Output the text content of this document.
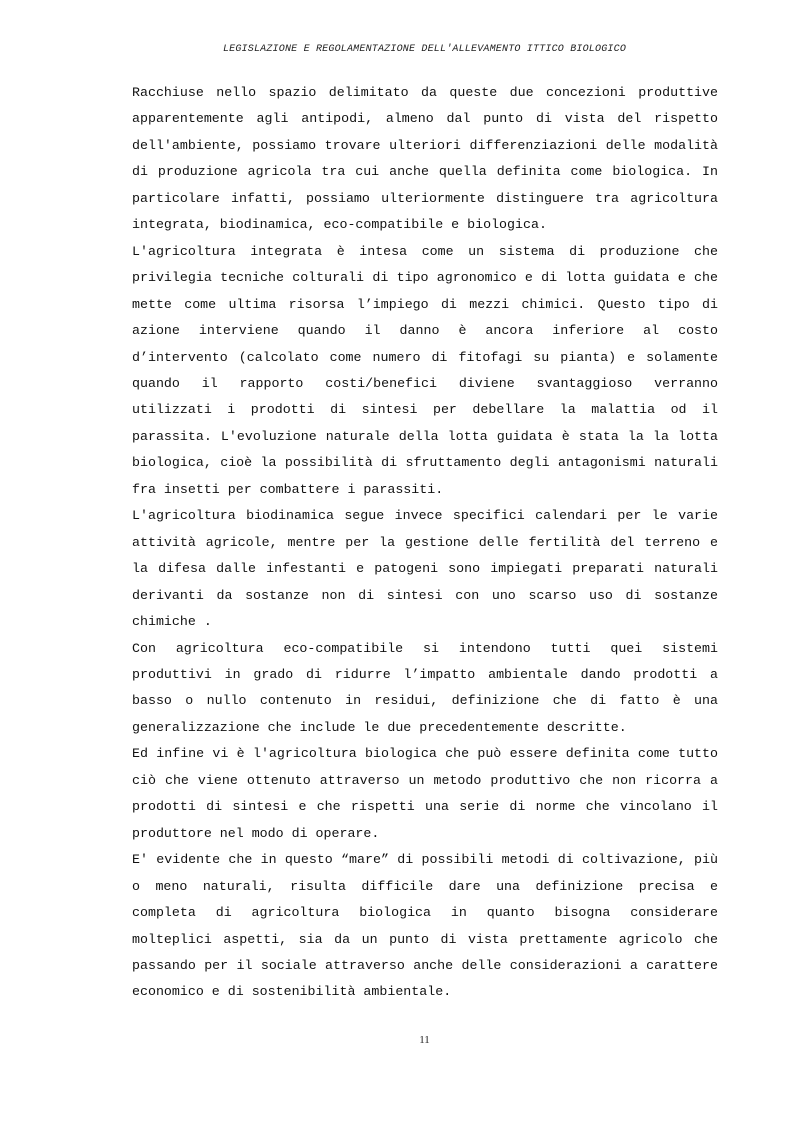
LEGISLAZIONE E REGOLAMENTAZIONE DELL'ALLEVAMENTO ITTICO BIOLOGICO

Racchiuse nello spazio delimitato da queste due concezioni produttive apparentemente agli antipodi, almeno dal punto di vista del rispetto dell'ambiente, possiamo trovare ulteriori differenziazioni delle modalità di produzione agricola tra cui anche quella definita come biologica. In particolare infatti, possiamo ulteriormente distinguere tra agricoltura integrata, biodinamica, eco-compatibile e biologica.

L'agricoltura integrata è intesa come un sistema di produzione che privilegia tecniche colturali di tipo agronomico e di lotta guidata e che mette come ultima risorsa l’impiego di mezzi chimici. Questo tipo di azione interviene quando il danno è ancora inferiore al costo d’intervento (calcolato come numero di fitofagi su pianta) e solamente quando il rapporto costi/benefici diviene svantaggioso verranno utilizzati i prodotti di sintesi per debellare la malattia od il parassita. L'evoluzione naturale della lotta guidata è stata la la lotta biologica, cioè la possibilità di sfruttamento degli antagonismi naturali fra insetti per combattere i parassiti.

L'agricoltura biodinamica segue invece specifici calendari per le varie attività agricole, mentre per la gestione delle fertilità del terreno e la difesa dalle infestanti e patogeni sono impiegati preparati naturali derivanti da sostanze non di sintesi con uno scarso uso di sostanze chimiche .

Con agricoltura eco-compatibile si intendono tutti quei sistemi produttivi in grado di ridurre l’impatto ambientale dando prodotti a basso o nullo contenuto in residui, definizione che di fatto è una generalizzazione che include le due precedentemente descritte.

Ed infine vi è l'agricoltura biologica che può essere definita come tutto ciò che viene ottenuto attraverso un metodo produttivo che non ricorra a prodotti di sintesi e che rispetti una serie di norme che vincolano il produttore nel modo di operare.

E' evidente che in questo “mare” di possibili metodi di coltivazione, più o meno naturali, risulta difficile dare una definizione precisa e completa di agricoltura biologica in quanto bisogna considerare molteplici aspetti, sia da un punto di vista prettamente agricolo che passando per il sociale attraverso anche delle considerazioni a carattere economico e di sostenibilità ambientale.

11
